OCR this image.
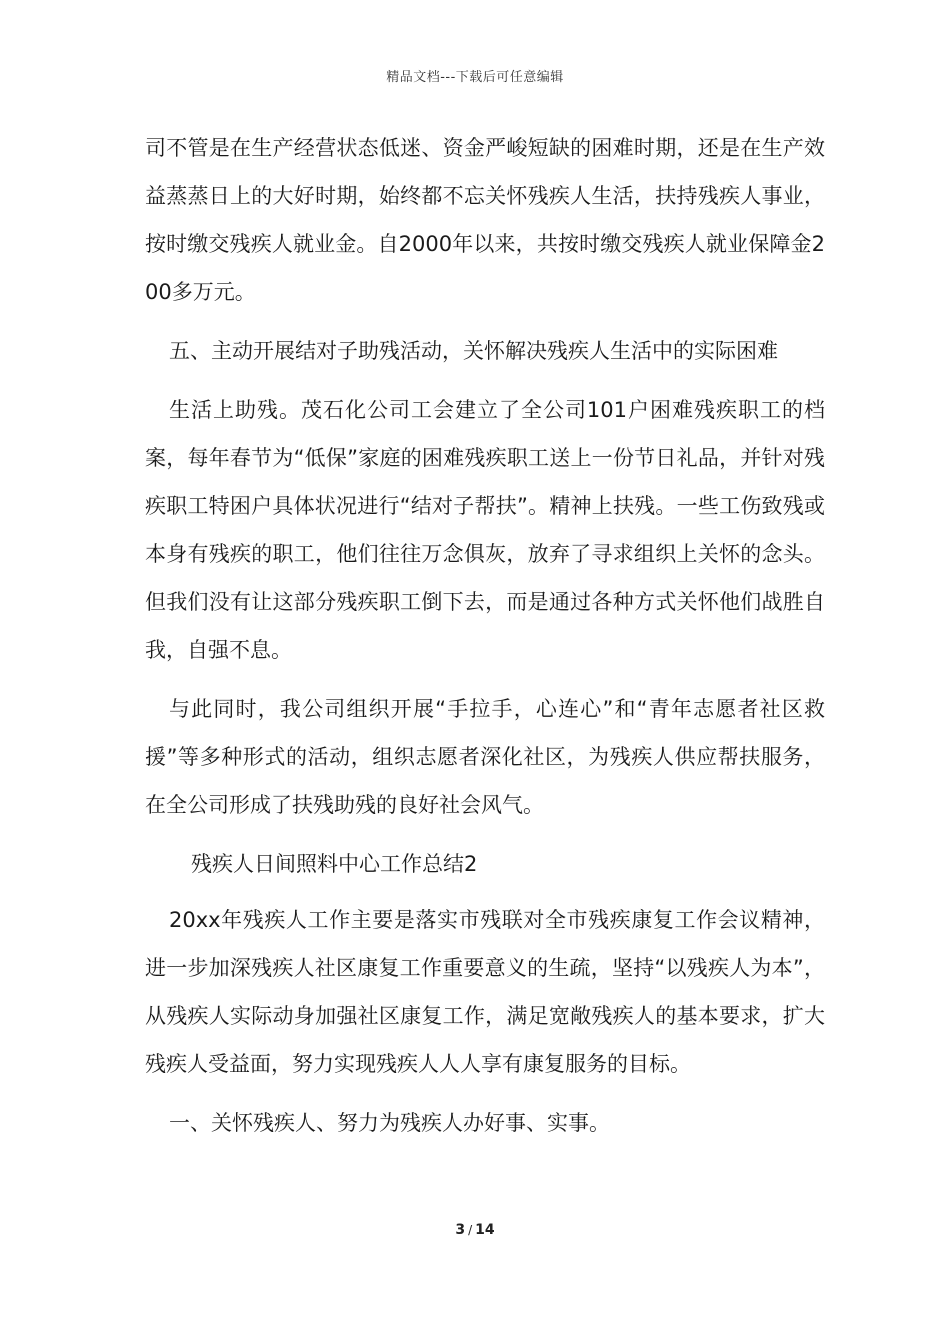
精品文档---下载后可任意编辑

司不管是在生产经营状态低迷、资金严峻短缺的困难时期，还是在生产效益蒸蒸日上的大好时期，始终都不忘关怀残疾人生活，扶持残疾人事业，按时缴交残疾人就业金。自2000年以来，共按时缴交残疾人就业保障金200多万元。

五、主动开展结对子助残活动，关怀解决残疾人生活中的实际困难

生活上助残。茂石化公司工会建立了全公司101户困难残疾职工的档案，每年春节为“低保”家庭的困难残疾职工送上一份节日礼品，并针对残疾职工特困户具体状况进行“结对子帮扶”。精神上扶残。一些工伤致残或本身有残疾的职工，他们往往万念俱灰，放弃了寻求组织上关怀的念头。但我们没有让这部分残疾职工倒下去，而是通过各种方式关怀他们战胜自我，自强不息。

与此同时，我公司组织开展“手拉手，心连心”和“青年志愿者社区救援”等多种形式的活动，组织志愿者深化社区，为残疾人供应帮扶服务，在全公司形成了扶残助残的良好社会风气。

残疾人日间照料中心工作总结2

20xx年残疾人工作主要是落实市残联对全市残疾康复工作会议精神，进一步加深残疾人社区康复工作重要意义的生疏，坚持“以残疾人为本”，从残疾人实际动身加强社区康复工作，满足宽敞残疾人的基本要求，扩大残疾人受益面，努力实现残疾人人人享有康复服务的目标。

一、关怀残疾人、努力为残疾人办好事、实事。

3 / 14
